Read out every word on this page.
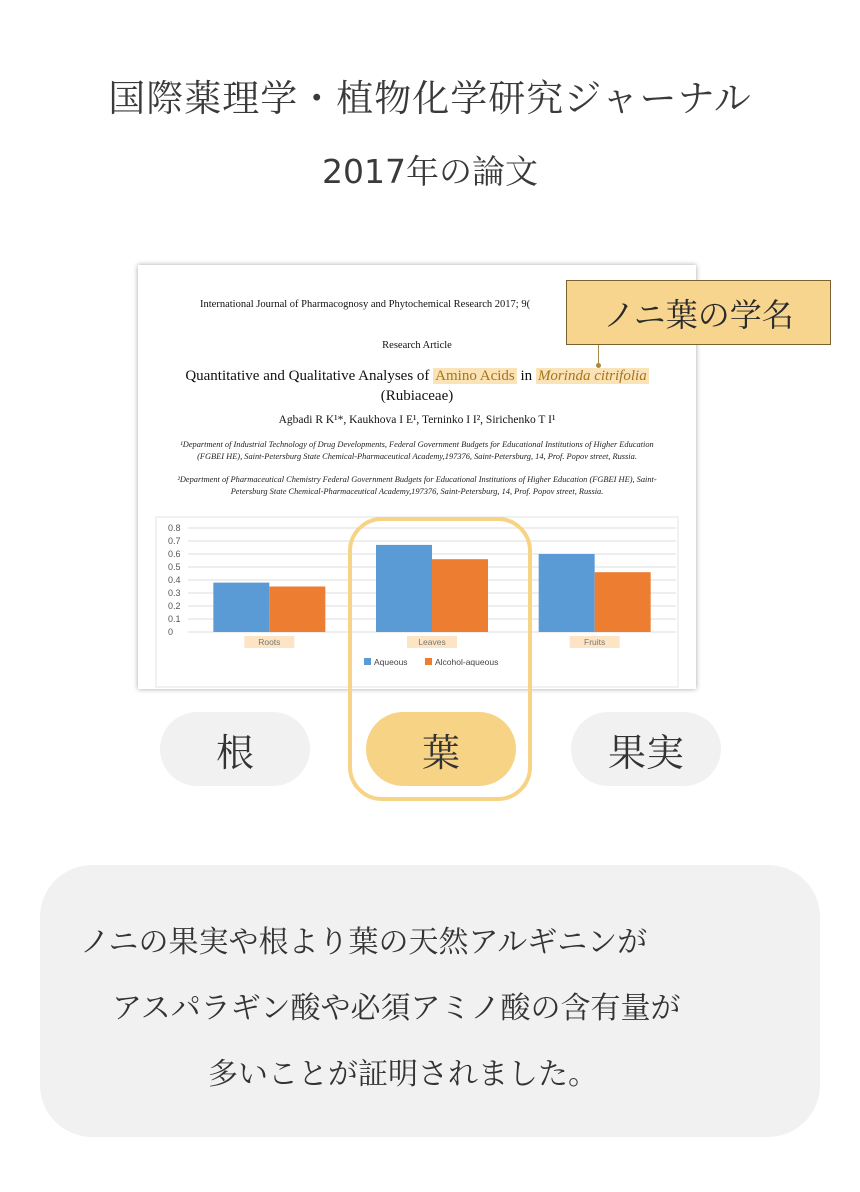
国際薬理学・植物化学研究ジャーナル
2017年の論文
International Journal of Pharmacognosy and Phytochemical Research 2017; 9(
Research Article
Quantitative and Qualitative Analyses of Amino Acids in Morinda citrifolia (Rubiaceae)
Agbadi R K¹*, Kaukhova I E¹, Terninko I I², Sirichenko T I¹
¹Department of Industrial Technology of Drug Developments, Federal Government Budgets for Educational Institutions of Higher Education (FGBEI HE), Saint-Petersburg State Chemical-Pharmaceutical Academy,197376, Saint-Petersburg, 14, Prof. Popov street, Russia.
²Department of Pharmaceutical Chemistry Federal Government Budgets for Educational Institutions of Higher Education (FGBEI HE), Saint-Petersburg State Chemical-Pharmaceutical Academy,197376, Saint-Petersburg, 14, Prof. Popov street, Russia.
0
0.1
0.2
0.3
0.4
0.5
0.6
0.7
0.8
Roots	Leaves	Fruits
Aqueous	Alcohol-aqueous
ノニ葉の学名
根	葉	果実
ノニの果実や根より葉の天然アルギニンが
アスパラギン酸や必須アミノ酸の含有量が
多いことが証明されました。
